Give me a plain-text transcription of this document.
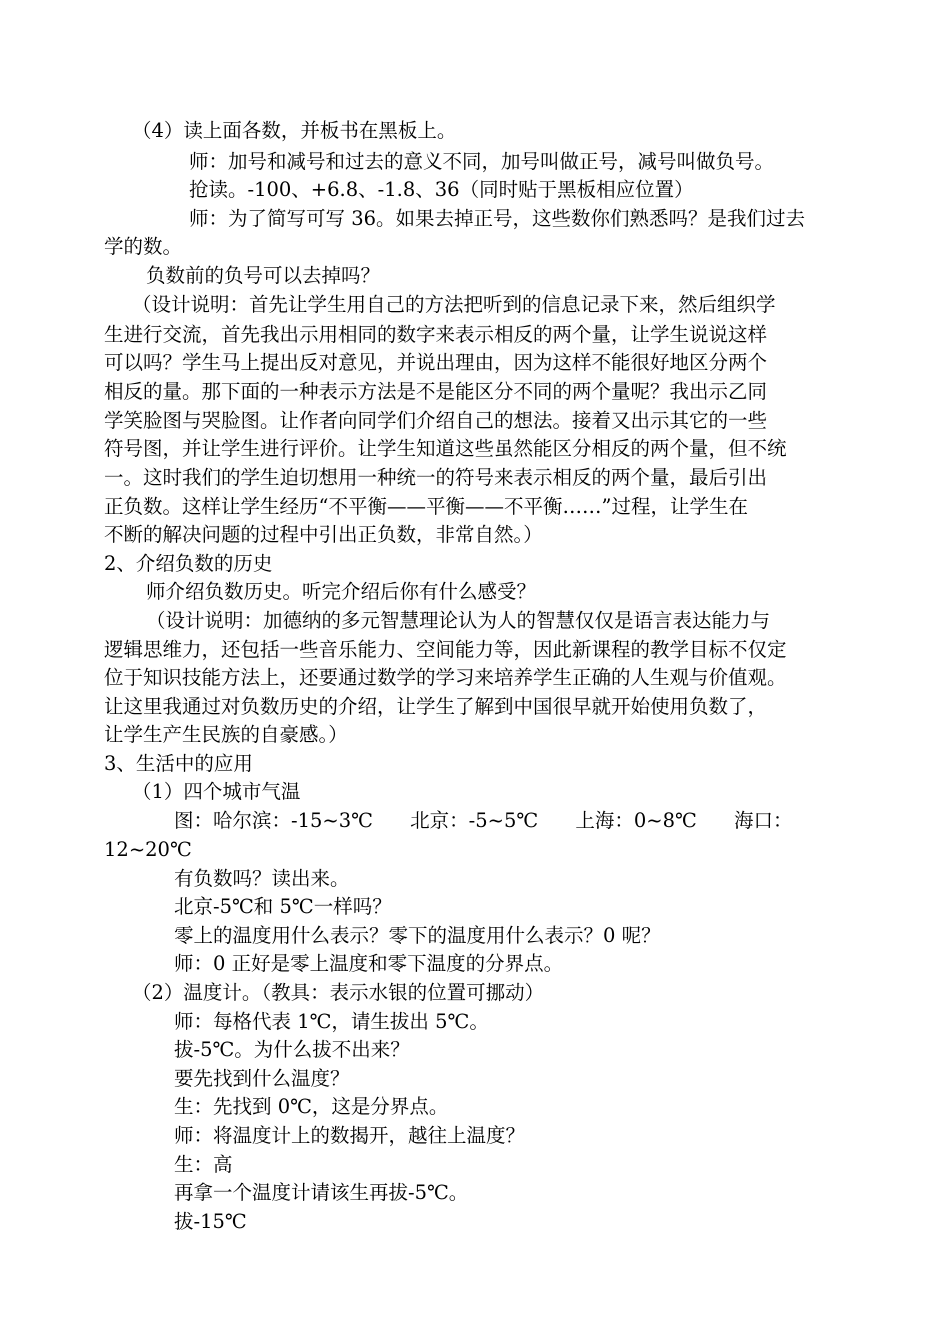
（4）读上面各数，并板书在黑板上。
师：加号和减号和过去的意义不同，加号叫做正号，减号叫做负号。
抢读。-100、+6.8、-1.8、36（同时贴于黑板相应位置）
师：为了简写可写 36。如果去掉正号，这些数你们熟悉吗？是我们过去
学的数。
负数前的负号可以去掉吗？
（设计说明：首先让学生用自己的方法把听到的信息记录下来，然后组织学
生进行交流，首先我出示用相同的数字来表示相反的两个量，让学生说说这样
可以吗？学生马上提出反对意见，并说出理由，因为这样不能很好地区分两个
相反的量。那下面的一种表示方法是不是能区分不同的两个量呢？我出示乙同
学笑脸图与哭脸图。让作者向同学们介绍自己的想法。接着又出示其它的一些
符号图，并让学生进行评价。让学生知道这些虽然能区分相反的两个量，但不统
一。这时我们的学生迫切想用一种统一的符号来表示相反的两个量，最后引出
正负数。这样让学生经历“不平衡——平衡——不平衡……”过程，让学生在
不断的解决问题的过程中引出正负数，非常自然。）
2、介绍负数的历史
师介绍负数历史。听完介绍后你有什么感受？
（设计说明：加德纳的多元智慧理论认为人的智慧仅仅是语言表达能力与
逻辑思维力，还包括一些音乐能力、空间能力等，因此新课程的教学目标不仅定
位于知识技能方法上，还要通过数学的学习来培养学生正确的人生观与价值观。
让这里我通过对负数历史的介绍，让学生了解到中国很早就开始使用负数了，
让学生产生民族的自豪感。）
3、生活中的应用
（1）四个城市气温
图：哈尔滨：-15~3℃      北京：-5~5℃      上海：0~8℃      海口：
12~20℃
有负数吗？读出来。
北京-5℃和 5℃一样吗？
零上的温度用什么表示？零下的温度用什么表示？0 呢？
师：0 正好是零上温度和零下温度的分界点。
（2）温度计。（教具：表示水银的位置可挪动）
师：每格代表 1℃，请生拔出 5℃。
拔-5℃。为什么拔不出来？
要先找到什么温度？
生：先找到 0℃，这是分界点。
师：将温度计上的数揭开，越往上温度？
生：高
再拿一个温度计请该生再拔-5℃。
拔-15℃
